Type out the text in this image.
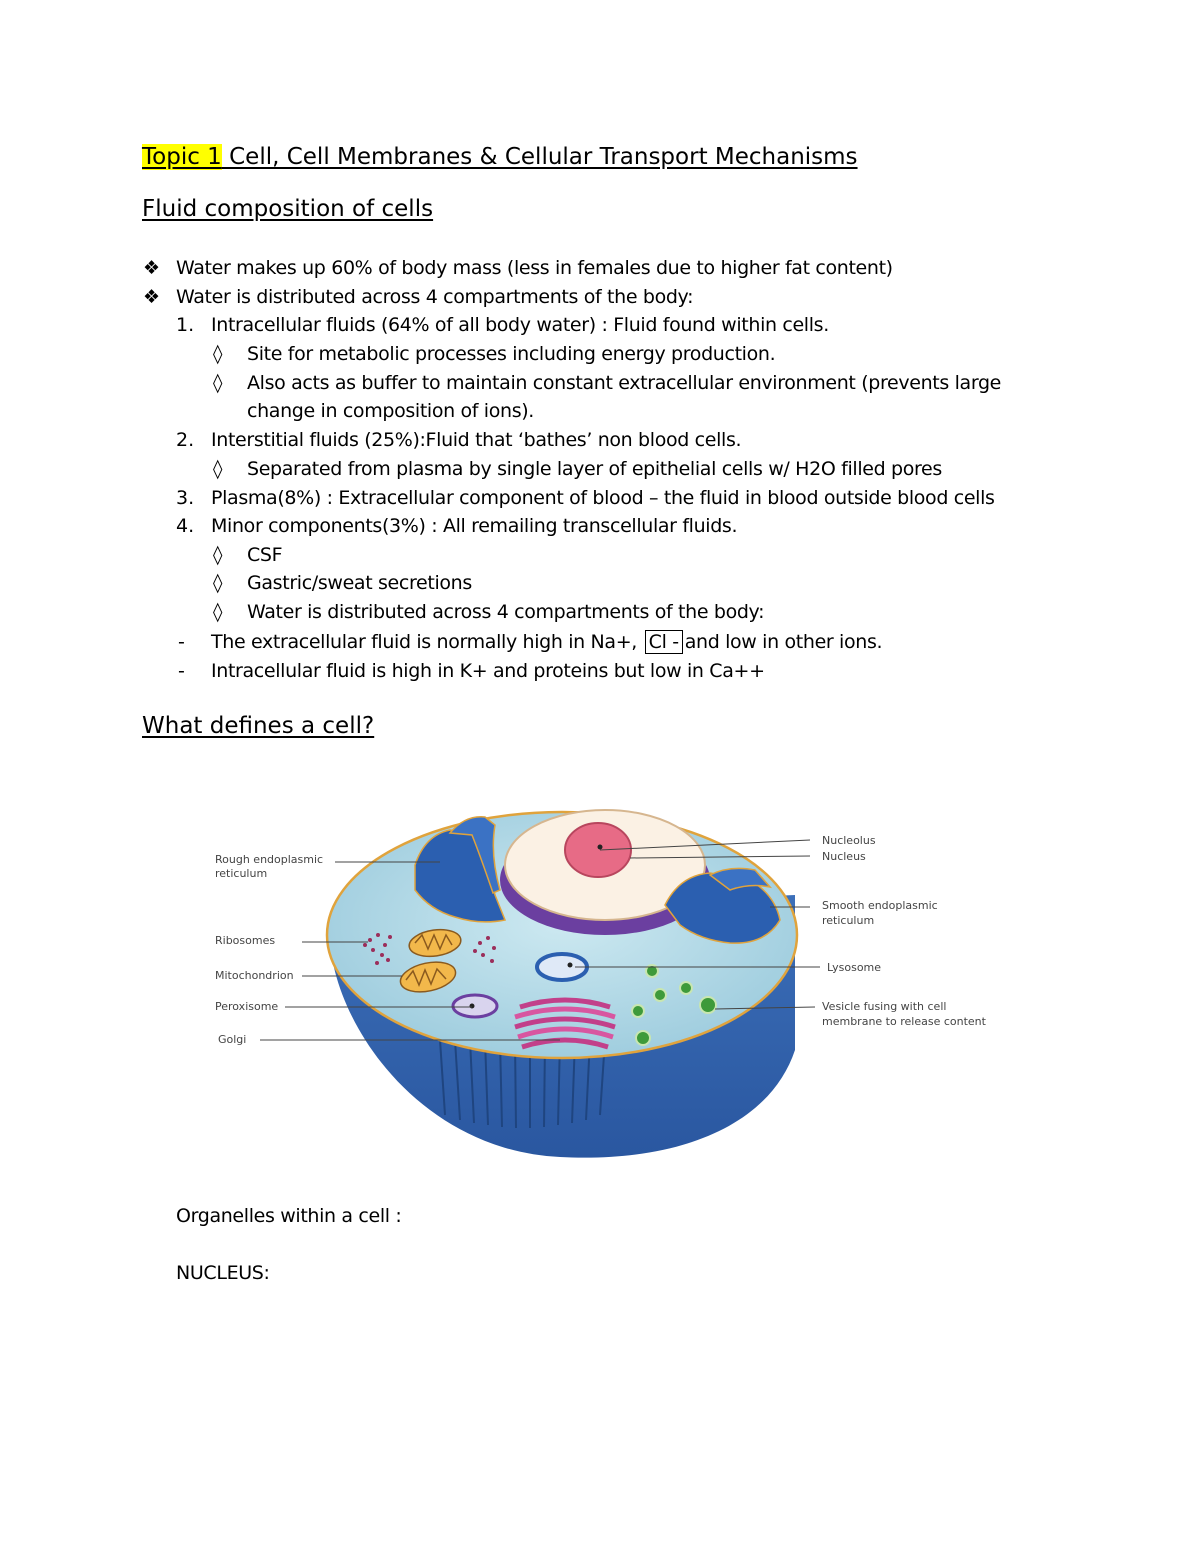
Topic 1 Cell, Cell Membranes & Cellular Transport Mechanisms
Fluid composition of cells
❖ Water makes up 60% of body mass (less in females due to higher fat content)
❖ Water is distributed across 4 compartments of the body:
1. Intracellular fluids (64% of all body water) : Fluid found within cells.
◊ Site for metabolic processes including energy production.
◊ Also acts as buffer to maintain constant extracellular environment (prevents large
change in composition of ions).
2. Interstitial fluids (25%):Fluid that ‘bathes’ non blood cells.
◊ Separated from plasma by single layer of epithelial cells w/ H2O filled pores
3. Plasma(8%) : Extracellular component of blood – the fluid in blood outside blood cells
4. Minor components(3%) : All remailing transcellular fluids.
◊ CSF
◊ Gastric/sweat secretions
◊ Water is distributed across 4 compartments of the body:
- The extracellular fluid is normally high in Na+, Cl - and low in other ions.
- Intracellular fluid is high in K+ and proteins but low in Ca++
What defines a cell?
Rough endoplasmic
reticulum
Ribosomes
Mitochondrion
Peroxisome
Golgi
Nucleolus
Nucleus
Smooth endoplasmic
reticulum
Lysosome
Vesicle fusing with cell
membrane to release content
Organelles within a cell :
NUCLEUS:
